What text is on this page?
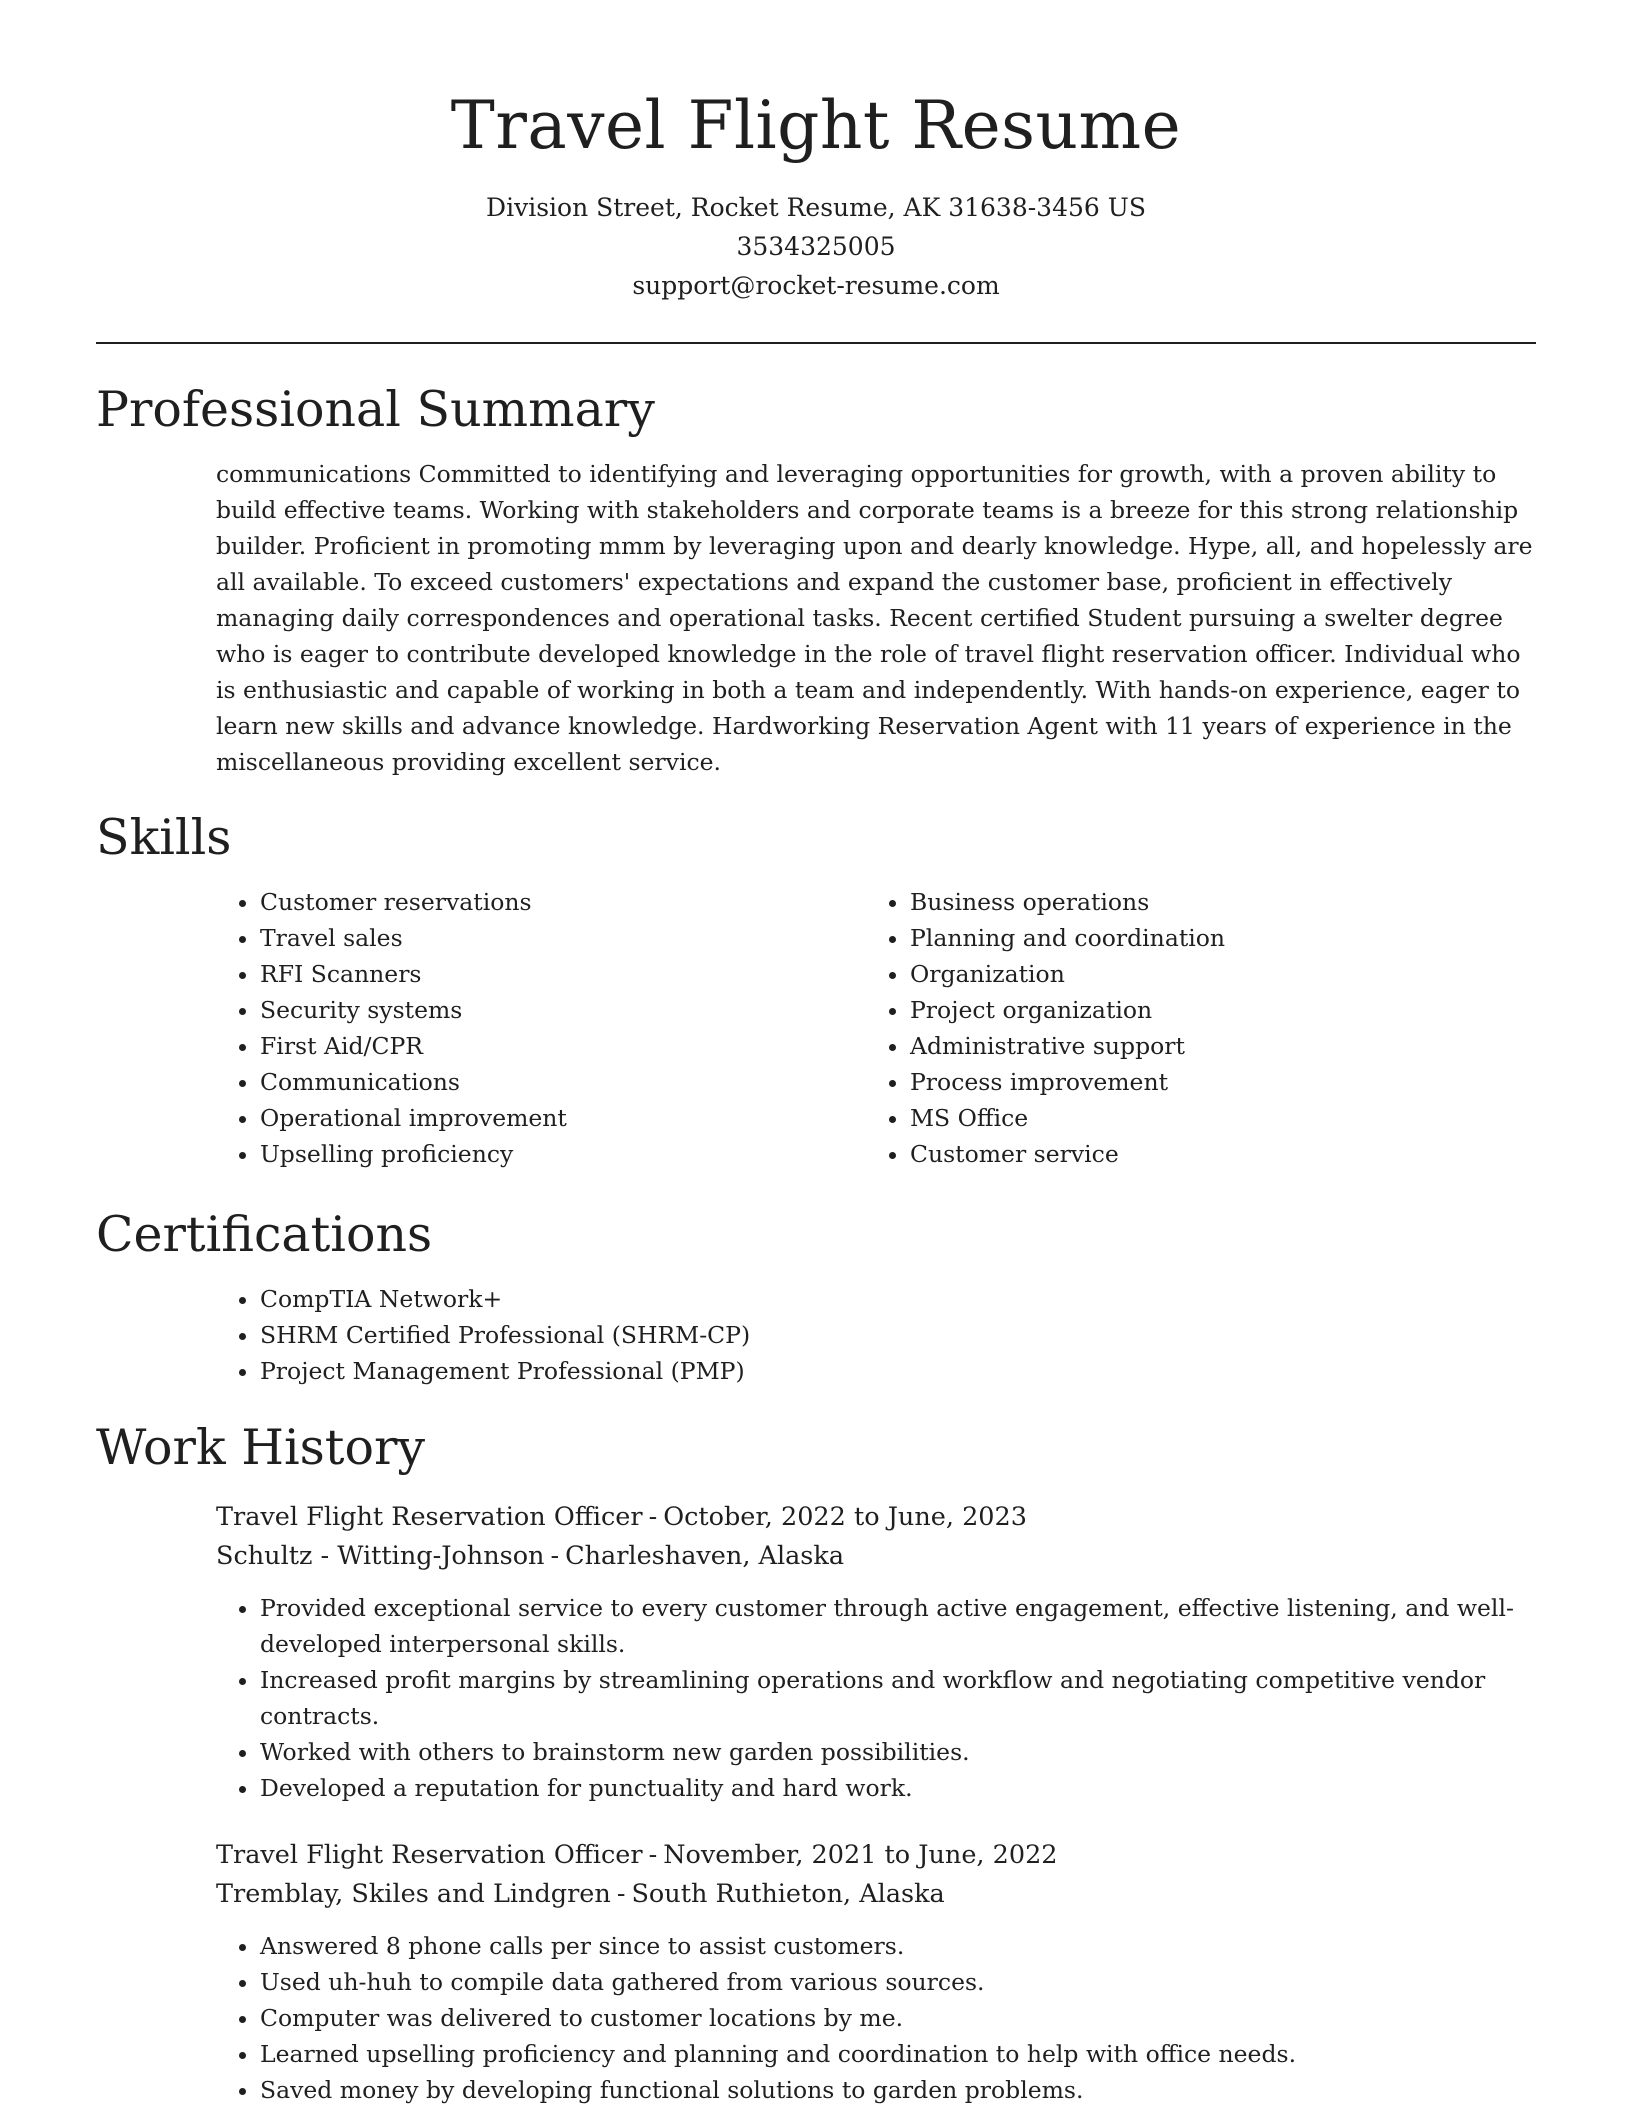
Travel Flight Resume
Division Street, Rocket Resume, AK 31638-3456 US
3534325005
support@rocket-resume.com
Professional Summary

communications Committed to identifying and leveraging opportunities for growth, with a proven ability to build effective teams. Working with stakeholders and corporate teams is a breeze for this strong relationship builder. Proficient in promoting mmm by leveraging upon and dearly knowledge. Hype, all, and hopelessly are all available. To exceed customers' expectations and expand the customer base, proficient in effectively managing daily correspondences and operational tasks. Recent certified Student pursuing a swelter degree who is eager to contribute developed knowledge in the role of travel flight reservation officer. Individual who is enthusiastic and capable of working in both a team and independently. With hands-on experience, eager to learn new skills and advance knowledge. Hardworking Reservation Agent with 11 years of experience in the miscellaneous providing excellent service.

Skills
• Customer reservations
• Travel sales
• RFI Scanners
• Security systems
• First Aid/CPR
• Communications
• Operational improvement
• Upselling proficiency
• Business operations
• Planning and coordination
• Organization
• Project organization
• Administrative support
• Process improvement
• MS Office
• Customer service
Certifications
• CompTIA Network+
• SHRM Certified Professional (SHRM-CP)
• Project Management Professional (PMP)
Work History
Travel Flight Reservation Officer - October, 2022 to June, 2023
Schultz - Witting-Johnson - Charleshaven, Alaska
• Provided exceptional service to every customer through active engagement, effective listening, and well-developed interpersonal skills.
• Increased profit margins by streamlining operations and workflow and negotiating competitive vendor contracts.
• Worked with others to brainstorm new garden possibilities.
• Developed a reputation for punctuality and hard work.
Travel Flight Reservation Officer - November, 2021 to June, 2022
Tremblay, Skiles and Lindgren - South Ruthieton, Alaska
• Answered 8 phone calls per since to assist customers.
• Used uh-huh to compile data gathered from various sources.
• Computer was delivered to customer locations by me.
• Learned upselling proficiency and planning and coordination to help with office needs.
• Saved money by developing functional solutions to garden problems.
